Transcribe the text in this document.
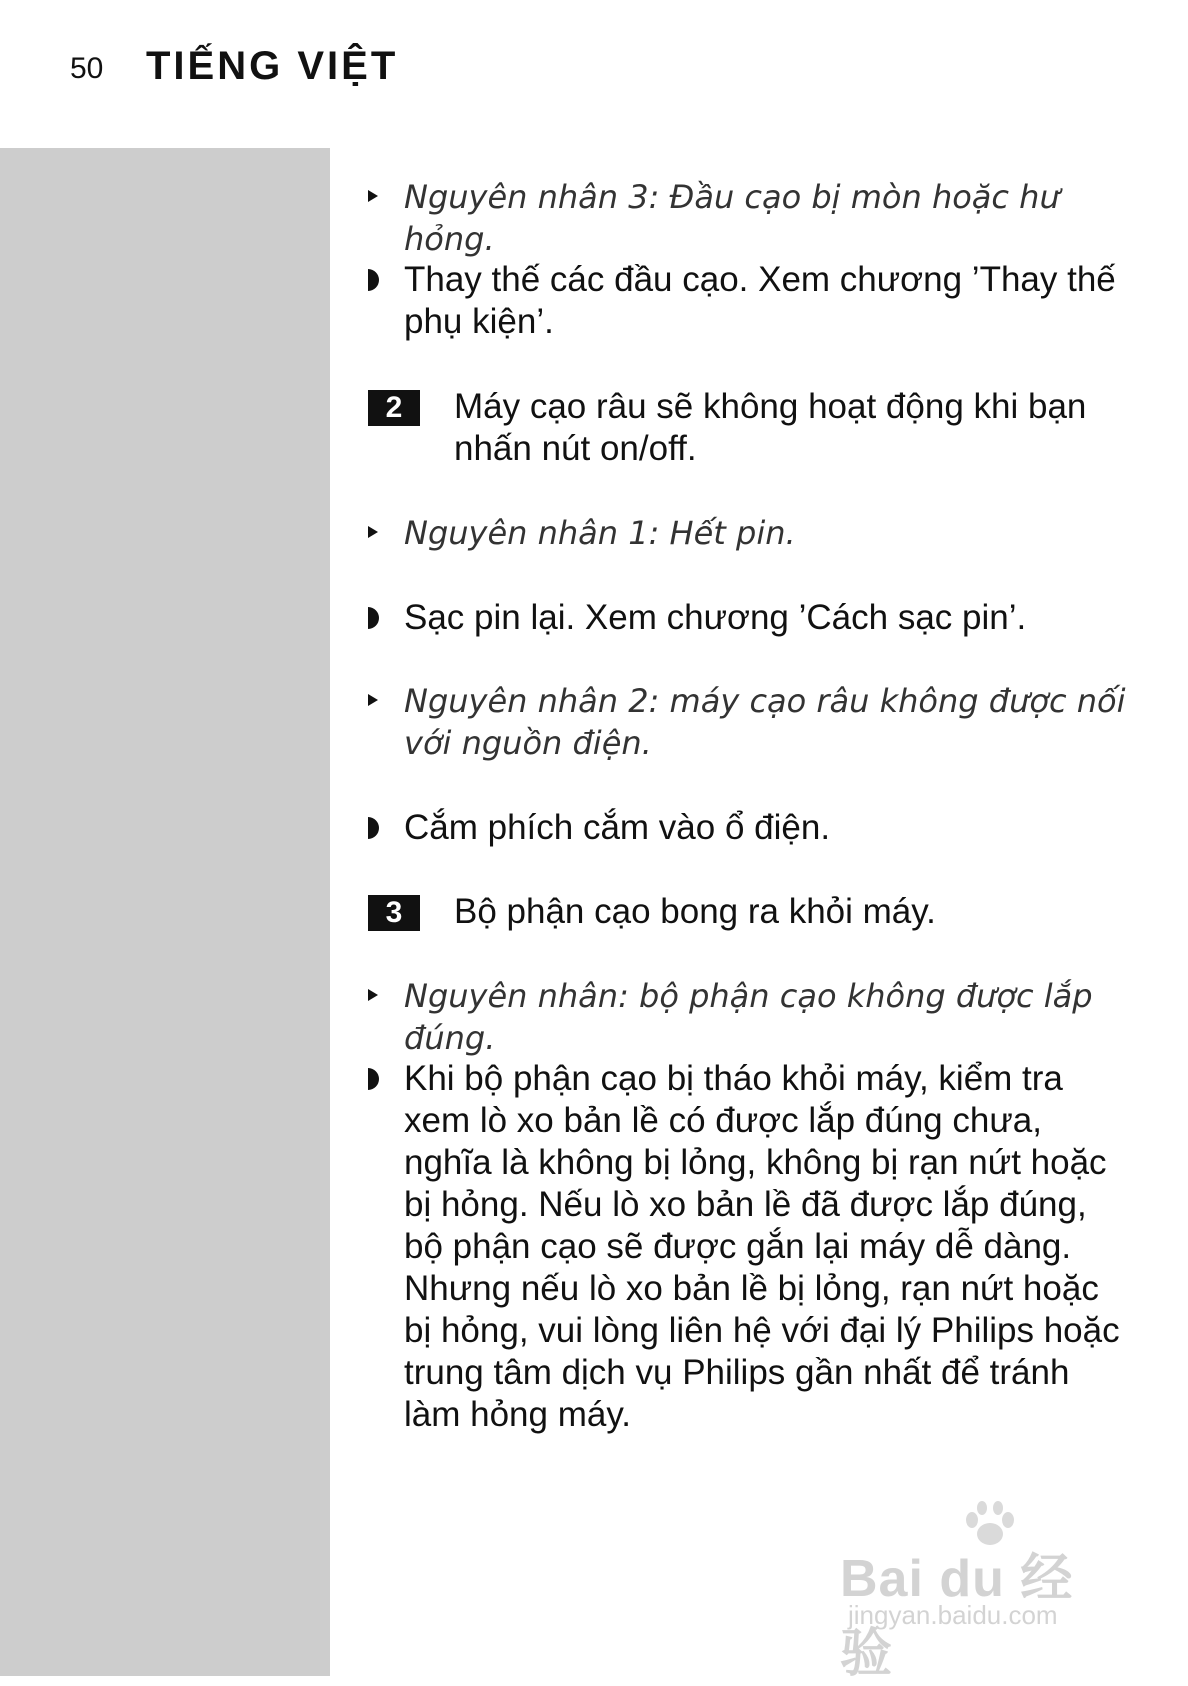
50 TIẾNG VIỆT
Nguyên nhân 3: Đầu cạo bị mòn hoặc hư hỏng.
Thay thế các đầu cạo. Xem chương ’Thay thế phụ kiện’.
2	Máy cạo râu sẽ không hoạt động khi bạn nhấn nút on/off.
Nguyên nhân 1: Hết pin.
Sạc pin lại. Xem chương ’Cách sạc pin’.
Nguyên nhân 2: máy cạo râu không được nối với nguồn điện.
Cắm phích cắm vào ổ điện.
3	Bộ phận cạo bong ra khỏi máy.
Nguyên nhân: bộ phận cạo không được lắp đúng.
Khi bộ phận cạo bị tháo khỏi máy, kiểm tra xem lò xo bản lề có được lắp đúng chưa, nghĩa là không bị lỏng, không bị rạn nứt hoặc bị hỏng. Nếu lò xo bản lề đã được lắp đúng, bộ phận cạo sẽ được gắn lại máy dễ dàng. Nhưng nếu lò xo bản lề bị lỏng, rạn nứt hoặc bị hỏng, vui lòng liên hệ với đại lý Philips hoặc trung tâm dịch vụ Philips gần nhất để tránh làm hỏng máy.
Bai du 经验
jingyan.baidu.com
